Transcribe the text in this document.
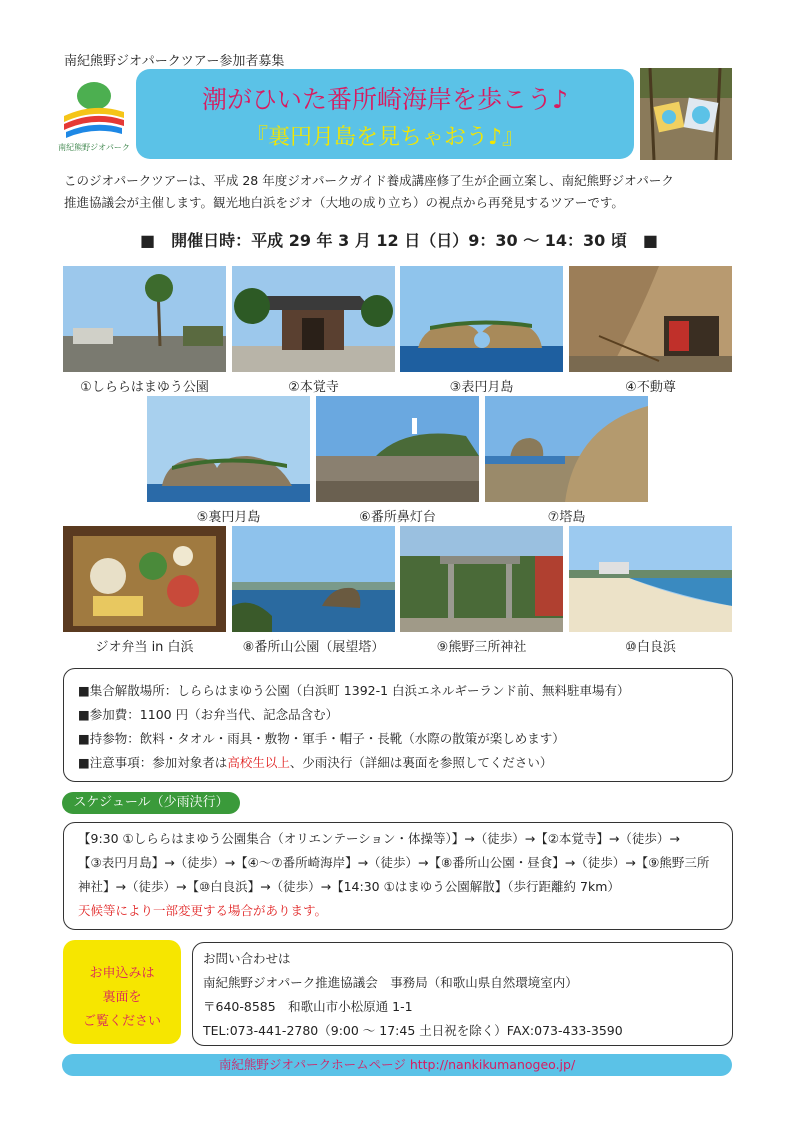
南紀熊野ジオパークツアー参加者募集
南紀熊野ジオパーク
潮がひいた番所崎海岸を歩こう♪
『裏円月島を見ちゃおう♪』
このジオパークツアーは、平成 28 年度ジオパークガイド養成講座修了生が企画立案し、南紀熊野ジオパーク
推進協議会が主催します。観光地白浜をジオ（大地の成り立ち）の視点から再発見するツアーです。
■　開催日時：平成 29 年 3 月 12 日（日）9：30 ～ 14：30 頃　■
①しららはまゆう公園	②本覚寺	③表円月島	④不動尊
⑤裏円月島	⑥番所鼻灯台	⑦塔島
ジオ弁当 in 白浜	⑧番所山公園（展望塔）	⑨熊野三所神社	⑩白良浜
■集合解散場所：しららはまゆう公園（白浜町 1392-1 白浜エネルギーランド前、無料駐車場有）
■参加費：1100 円（お弁当代、記念品含む）
■持参物：飲料・タオル・雨具・敷物・軍手・帽子・長靴（水際の散策が楽しめます）
■注意事項：参加対象者は高校生以上、少雨決行（詳細は裏面を参照してください）
スケジュール（少雨決行）
【9:30 ①しららはまゆう公園集合（オリエンテーション・体操等）】→（徒歩）→【②本覚寺】→（徒歩）→
【③表円月島】→（徒歩）→【④～⑦番所崎海岸】→（徒歩）→【⑧番所山公園・昼食】→（徒歩）→【⑨熊野三所
神社】→（徒歩）→【⑩白良浜】→（徒歩）→【14:30 ①はまゆう公園解散】（歩行距離約 7km）
天候等により一部変更する場合があります。
お申込みは
裏面を
ご覧ください
お問い合わせは
南紀熊野ジオパーク推進協議会　事務局（和歌山県自然環境室内）
〒640-8585　和歌山市小松原通 1-1
TEL:073-441-2780（9:00 ～ 17:45 土日祝を除く）FAX:073-433-3590
南紀熊野ジオパークホームページ http://nankikumanogeo.jp/
